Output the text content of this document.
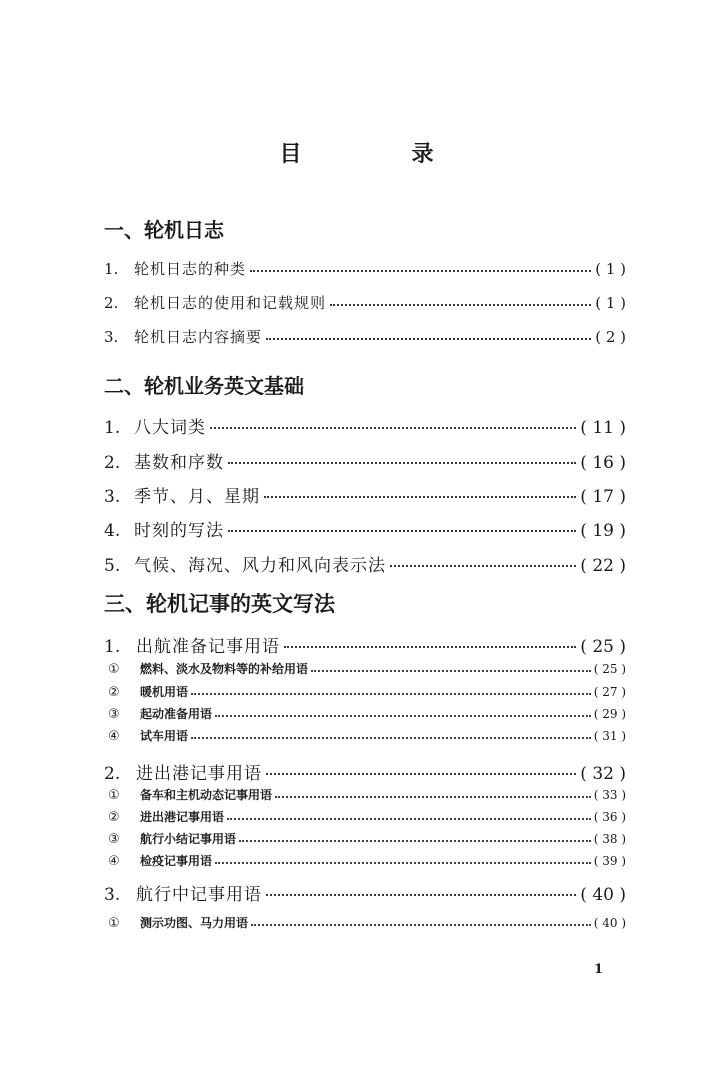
目　录
一、轮机日志
1.	轮机日志的种类	( 1 )
2.	轮机日志的使用和记载规则	( 1 )
3.	轮机日志内容摘要	( 2 )
二、轮机业务英文基础
1. 八大词类	( 11 )
2. 基数和序数	( 16 )
3. 季节、月、星期	( 17 )
4. 时刻的写法	( 19 )
5. 气候、海况、风力和风向表示法	( 22 )
三、轮机记事的英文写法
1. 出航准备记事用语	( 25 )
①	燃料、淡水及物料等的补给用语	( 25 )
②	暖机用语	( 27 )
③	起动准备用语	( 29 )
④	试车用语	( 31 )
2. 进出港记事用语	( 32 )
①	备车和主机动态记事用语	( 33 )
②	进出港记事用语	( 36 )
③	航行小结记事用语	( 38 )
④	检疫记事用语	( 39 )
3. 航行中记事用语	( 40 )
①	测示功图、马力用语	( 40 )
1
